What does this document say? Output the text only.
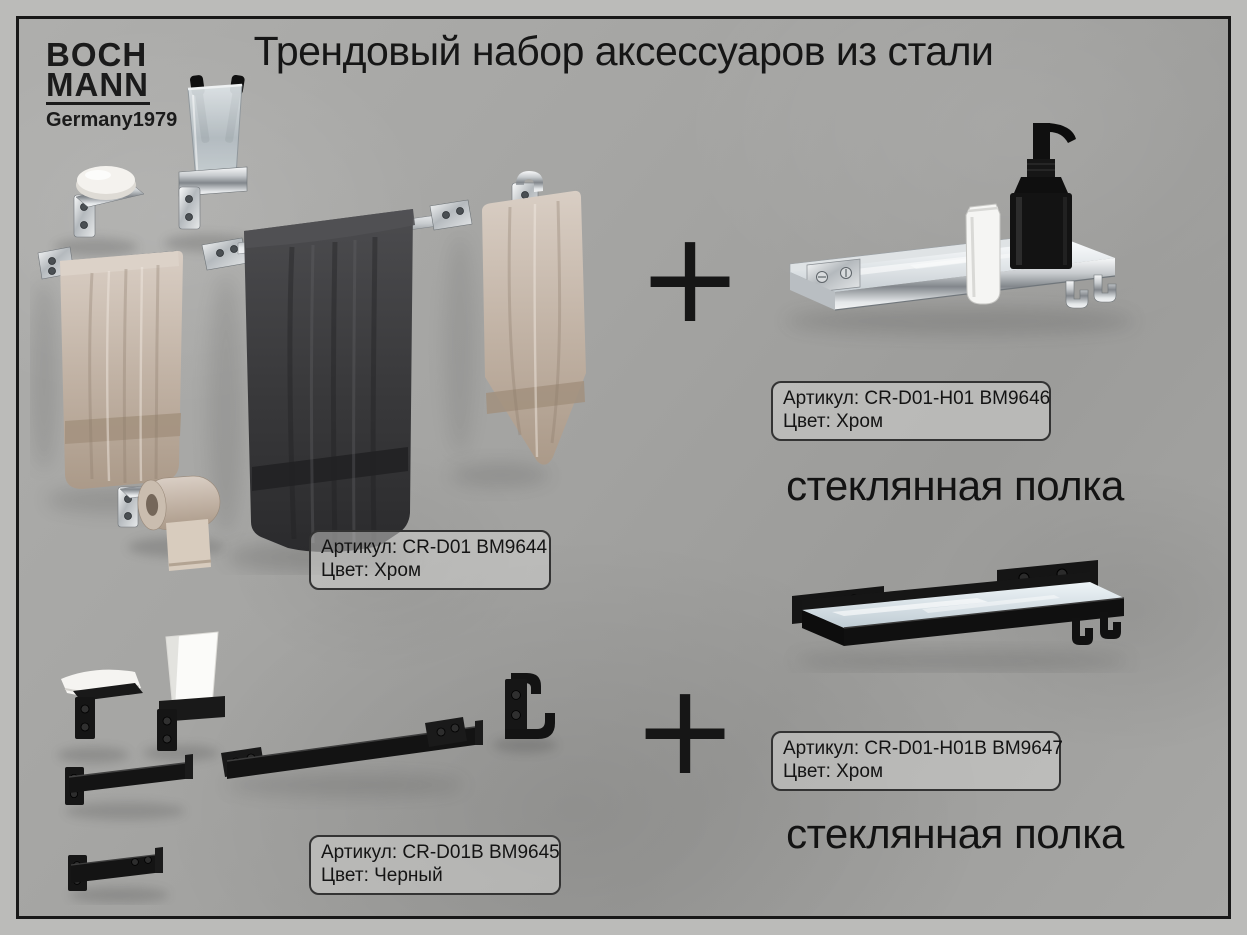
BOCH
MANN
Germany1979
Трендовый набор аксессуаров из стали
+
+
Артикул: CR-D01 BM9644
Цвет: Хром
Артикул: CR-D01-H01 BM9646
Цвет: Хром
Артикул: CR-D01B BM9645
Цвет: Черный
Артикул: CR-D01-H01B BM9647
Цвет: Хром
стеклянная полка
стеклянная полка
